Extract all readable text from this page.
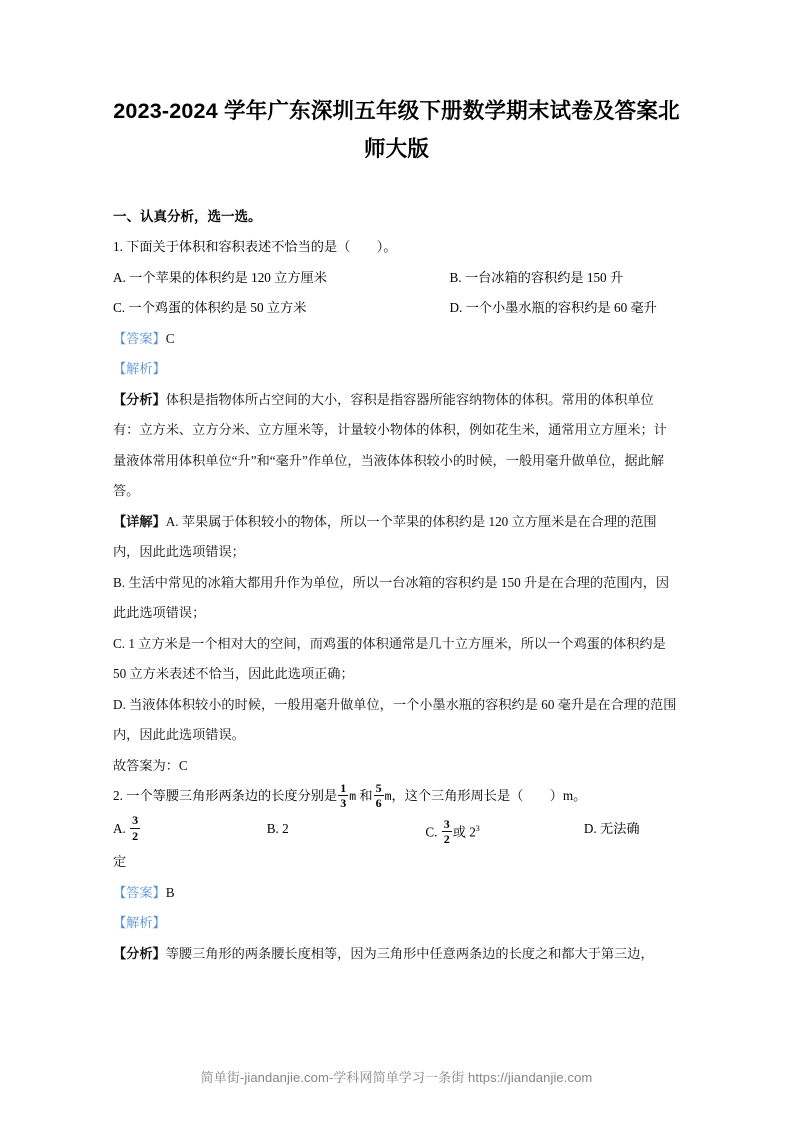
2023-2024 学年广东深圳五年级下册数学期末试卷及答案北师大版
一、认真分析，选一选。
1. 下面关于体积和容积表述不恰当的是（　　）。
A. 一个苹果的体积约是 120 立方厘米	B. 一台冰箱的容积约是 150 升
C. 一个鸡蛋的体积约是 50 立方米	D. 一个小墨水瓶的容积约是 60 毫升
【答案】C
【解析】
【分析】体积是指物体所占空间的大小，容积是指容器所能容纳物体的体积。常用的体积单位有：立方米、立方分米、立方厘米等，计量较小物体的体积，例如花生米，通常用立方厘米；计量液体常用体积单位“升”和“毫升”作单位，当液体体积较小的时候，一般用毫升做单位，据此解答。
【详解】A. 苹果属于体积较小的物体，所以一个苹果的体积约是 120 立方厘米是在合理的范围内，因此此选项错误；
B. 生活中常见的冰箱大都用升作为单位，所以一台冰箱的容积约是 150 升是在合理的范围内，因此此选项错误；
C. 1 立方米是一个相对大的空间，而鸡蛋的体积通常是几十立方厘米，所以一个鸡蛋的体积约是 50 立方米表述不恰当，因此此选项正确；
D. 当液体体积较小的时候，一般用毫升做单位，一个小墨水瓶的容积约是 60 毫升是在合理的范围内，因此此选项错误。
故答案为：C
2. 一个等腰三角形两条边的长度分别是 $\frac{1}{3}$ m 和 $\frac{5}{6}$ m，这个三角形周长是（　　）m。
A. $\frac{3}{2}$	B. 2	C. $\frac{3}{2}$ 或 $2^3$	D. 无法确
定
【答案】B
【解析】
【分析】等腰三角形的两条腰长度相等，因为三角形中任意两条边的长度之和都大于第三边，
简单街-jiandanjie.com-学科网简单学习一条街 https://jiandanjie.com
